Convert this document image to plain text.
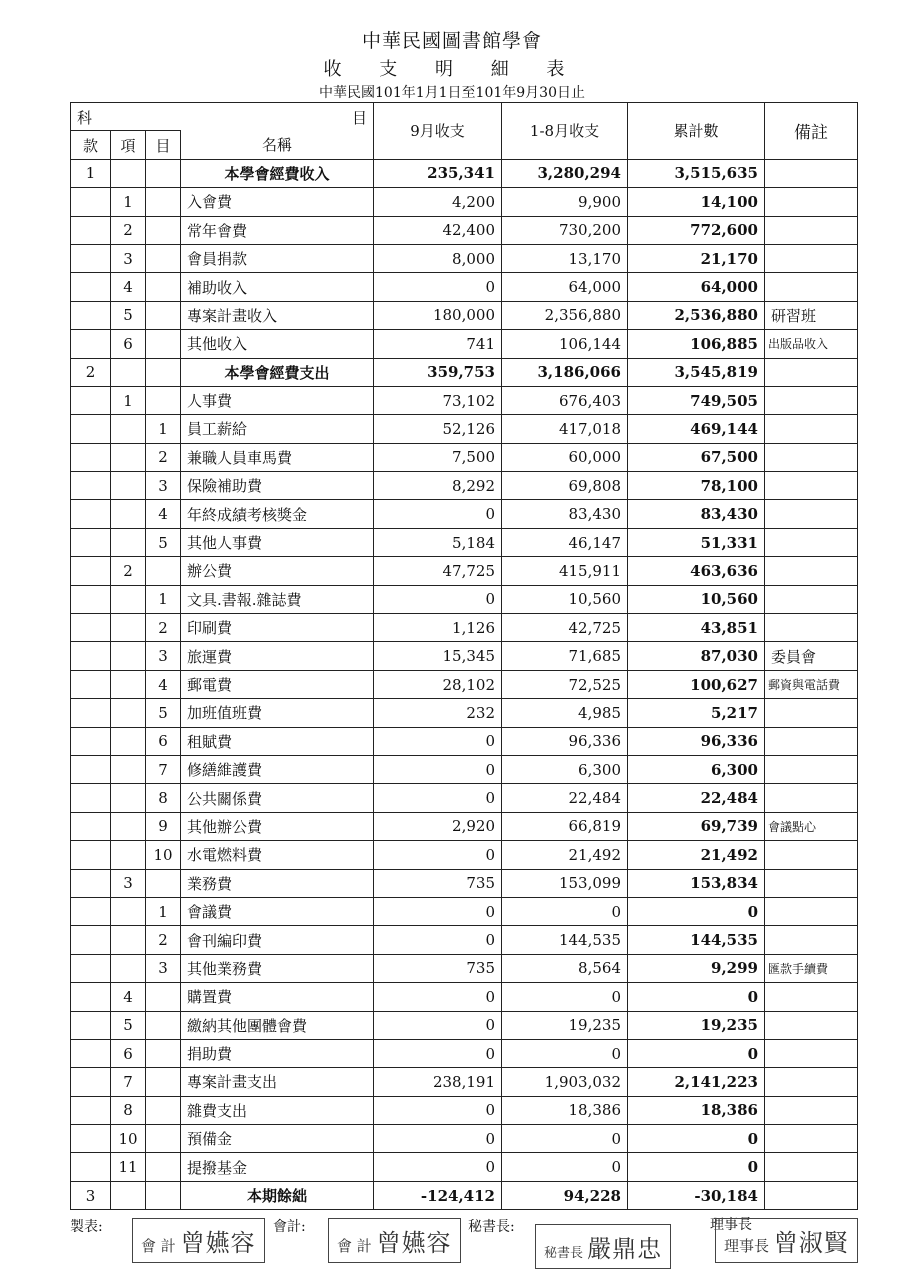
中華民國圖書館學會
收 支 明 細 表
中華民國101年1月1日至101年9月30日止
科 目				9月收支	1-8月收支	累計數	備註
款	項	目	名稱				
1			本學會經費收入	235,341	3,280,294	3,515,635	
	1		入會費	4,200	9,900	14,100	
	2		常年會費	42,400	730,200	772,600	
	3		會員捐款	8,000	13,170	21,170	
	4		補助收入	0	64,000	64,000	
	5		專案計畫收入	180,000	2,356,880	2,536,880	研習班
	6		其他收入	741	106,144	106,885	出版品收入
2			本學會經費支出	359,753	3,186,066	3,545,819	
	1		人事費	73,102	676,403	749,505	
		1	員工薪給	52,126	417,018	469,144	
		2	兼職人員車馬費	7,500	60,000	67,500	
		3	保險補助費	8,292	69,808	78,100	
		4	年終成績考核獎金	0	83,430	83,430	
		5	其他人事費	5,184	46,147	51,331	
	2		辦公費	47,725	415,911	463,636	
		1	文具.書報.雜誌費	0	10,560	10,560	
		2	印刷費	1,126	42,725	43,851	
		3	旅運費	15,345	71,685	87,030	委員會
		4	郵電費	28,102	72,525	100,627	郵資與電話費
		5	加班值班費	232	4,985	5,217	
		6	租賦費	0	96,336	96,336	
		7	修繕維護費	0	6,300	6,300	
		8	公共關係費	0	22,484	22,484	
		9	其他辦公費	2,920	66,819	69,739	會議點心
		10	水電燃料費	0	21,492	21,492	
	3		業務費	735	153,099	153,834	
		1	會議費	0	0	0	
		2	會刊編印費	0	144,535	144,535	
		3	其他業務費	735	8,564	9,299	匯款手續費
	4		購置費	0	0	0	
	5		繳納其他團體會費	0	19,235	19,235	
	6		捐助費	0	0	0	
	7		專案計畫支出	238,191	1,903,032	2,141,223	
	8		雜費支出	0	18,386	18,386	
	10		預備金	0	0	0	
	11		提撥基金	0	0	0	
3			本期餘絀	-124,412	94,228	-30,184	
製表:
會 計 曾嬿容
會計:
會 計 曾嬿容
秘書長:
秘書長 嚴鼎忠
理事長
理事長 曾淑賢
